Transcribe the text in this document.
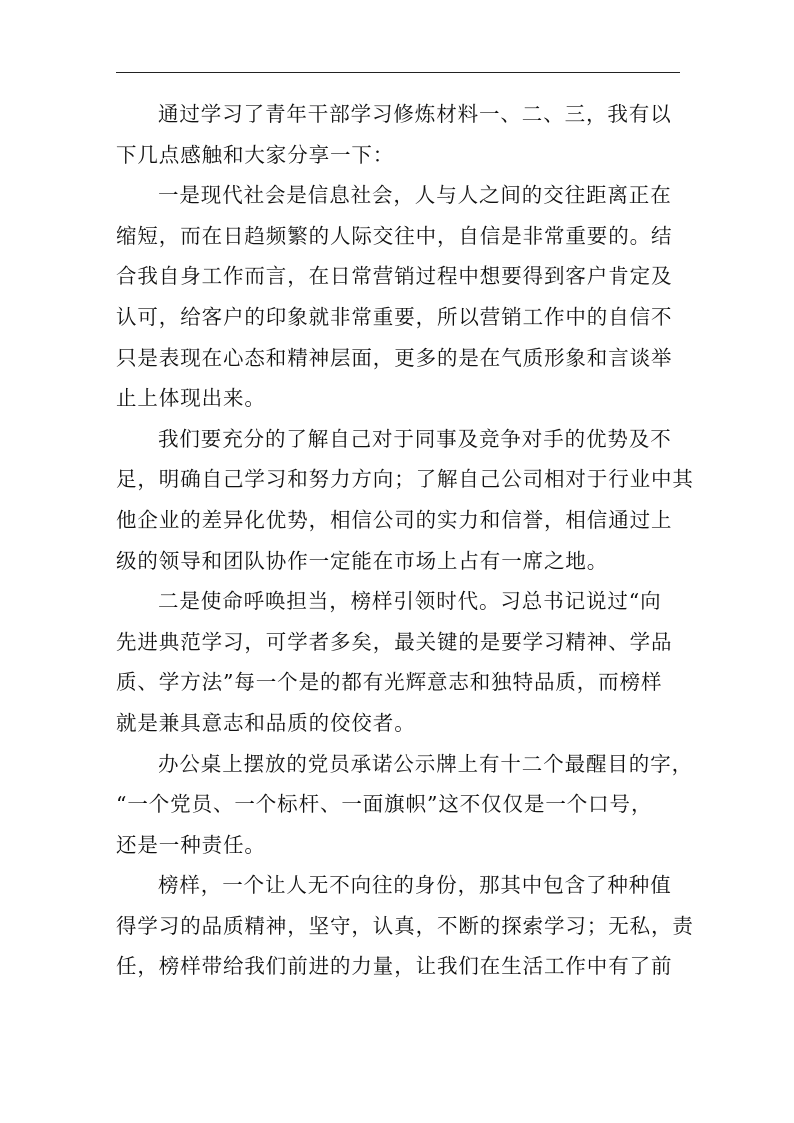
通过学习了青年干部学习修炼材料一、二、三，我有以
下几点感触和大家分享一下：
一是现代社会是信息社会，人与人之间的交往距离正在
缩短，而在日趋频繁的人际交往中，自信是非常重要的。结
合我自身工作而言，在日常营销过程中想要得到客户肯定及
认可，给客户的印象就非常重要，所以营销工作中的自信不
只是表现在心态和精神层面，更多的是在气质形象和言谈举
止上体现出来。
我们要充分的了解自己对于同事及竞争对手的优势及不
足，明确自己学习和努力方向；了解自己公司相对于行业中其
他企业的差异化优势，相信公司的实力和信誉，相信通过上
级的领导和团队协作一定能在市场上占有一席之地。
二是使命呼唤担当，榜样引领时代。习总书记说过“向
先进典范学习，可学者多矣，最关键的是要学习精神、学品
质、学方法”每一个是的都有光辉意志和独特品质，而榜样
就是兼具意志和品质的佼佼者。
办公桌上摆放的党员承诺公示牌上有十二个最醒目的字，
“一个党员、一个标杆、一面旗帜”这不仅仅是一个口号，
还是一种责任。
榜样，一个让人无不向往的身份，那其中包含了种种值
得学习的品质精神，坚守，认真，不断的探索学习；无私，责
任，榜样带给我们前进的力量，让我们在生活工作中有了前
